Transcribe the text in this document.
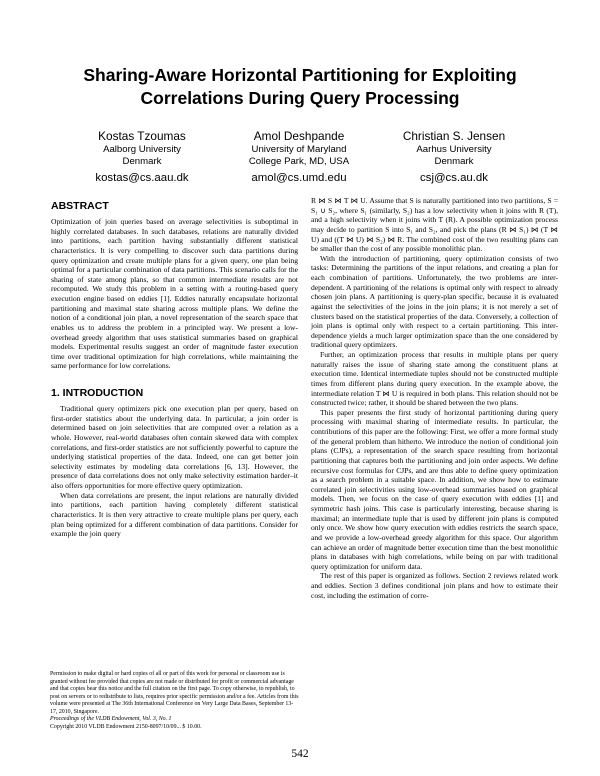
Sharing-Aware Horizontal Partitioning for Exploiting
Correlations During Query Processing
Kostas Tzoumas
Aalborg University
Denmark
kostas@cs.aau.dk
Amol Deshpande
University of Maryland
College Park, MD, USA
amol@cs.umd.edu
Christian S. Jensen
Aarhus University
Denmark
csj@cs.au.dk
ABSTRACT

Optimization of join queries based on average selectivities is suboptimal in highly correlated databases. In such databases, relations are naturally divided into partitions, each partition having substantially different statistical characteristics. It is very compelling to discover such data partitions during query optimization and create multiple plans for a given query, one plan being optimal for a particular combination of data partitions. This scenario calls for the sharing of state among plans, so that common intermediate results are not recomputed. We study this problem in a setting with a routing-based query execution engine based on eddies [1]. Eddies naturally encapsulate horizontal partitioning and maximal state sharing across multiple plans. We define the notion of a conditional join plan, a novel representation of the search space that enables us to address the problem in a principled way. We present a low-overhead greedy algorithm that uses statistical summaries based on graphical models. Experimental results suggest an order of magnitude faster execution time over traditional optimization for high correlations, while maintaining the same performance for low correlations.

1. INTRODUCTION

Traditional query optimizers pick one execution plan per query, based on first-order statistics about the underlying data. In particular, a join order is determined based on join selectivities that are computed over a relation as a whole. However, real-world databases often contain skewed data with complex correlations, and first-order statistics are not sufficiently powerful to capture the underlying statistical properties of the data. Indeed, one can get better join selectivity estimates by modeling data correlations [6, 13]. However, the presence of data correlations does not only make selectivity estimation harder–it also offers opportunities for more effective query optimization.

When data correlations are present, the input relations are naturally divided into partitions, each partition having completely different statistical characteristics. It is then very attractive to create multiple plans per query, each plan being optimized for a different combination of data partitions. Consider for example the join query

Permission to make digital or hard copies of all or part of this work for personal or classroom use is granted without fee provided that copies are not made or distributed for profit or commercial advantage and that copies bear this notice and the full citation on the first page. To copy otherwise, to republish, to post on servers or to redistribute to lists, requires prior specific permission and/or a fee. Articles from this volume were presented at The 36th International Conference on Very Large Data Bases, September 13-17, 2010, Singapore.
Proceedings of the VLDB Endowment, Vol. 3, No. 1
Copyright 2010 VLDB Endowment 2150-8097/10/09... $ 10.00.

R ⋈ S ⋈ T ⋈ U. Assume that S is naturally partitioned into two partitions, S = S₁ ∪ S₂, where S₁ (similarly, S₂) has a low selectivity when it joins with R (T), and a high selectivity when it joins with T (R). A possible optimization process may decide to partition S into S₁ and S₂, and pick the plans (R ⋈ S₁) ⋈ (T ⋈ U) and ((T ⋈ U) ⋈ S₂) ⋈ R. The combined cost of the two resulting plans can be smaller than the cost of any possible monolithic plan.

With the introduction of partitioning, query optimization consists of two tasks: Determining the partitions of the input relations, and creating a plan for each combination of partitions. Unfortunately, the two problems are inter-dependent. A partitioning of the relations is optimal only with respect to already chosen join plans. A partitioning is query-plan specific, because it is evaluated against the selectivities of the joins in the join plans; it is not merely a set of clusters based on the statistical properties of the data. Conversely, a collection of join plans is optimal only with respect to a certain partitioning. This inter-dependence yields a much larger optimization space than the one considered by traditional query optimizers.

Further, an optimization process that results in multiple plans per query naturally raises the issue of sharing state among the constituent plans at execution time. Identical intermediate tuples should not be constructed multiple times from different plans during query execution. In the example above, the intermediate relation T ⋈ U is required in both plans. This relation should not be constructed twice; rather, it should be shared between the two plans.

This paper presents the first study of horizontal partitioning during query processing with maximal sharing of intermediate results. In particular, the contributions of this paper are the following: First, we offer a more formal study of the general problem than hitherto. We introduce the notion of conditional join plans (CJPs), a representation of the search space resulting from horizontal partitioning that captures both the partitioning and join order aspects. We define recursive cost formulas for CJPs, and are thus able to define query optimization as a search problem in a suitable space. In addition, we show how to estimate correlated join selectivities using low-overhead summaries based on graphical models. Then, we focus on the case of query execution with eddies [1] and symmetric hash joins. This case is particularly interesting, because sharing is maximal; an intermediate tuple that is used by different join plans is computed only once. We show how query execution with eddies restricts the search space, and we provide a low-overhead greedy algorithm for this space. Our algorithm can achieve an order of magnitude better execution time than the best monolithic plans in databases with high correlations, while being on par with traditional query optimization for uniform data.

The rest of this paper is organized as follows. Section 2 reviews related work and eddies. Section 3 defines conditional join plans and how to estimate their cost, including the estimation of corre-

542
